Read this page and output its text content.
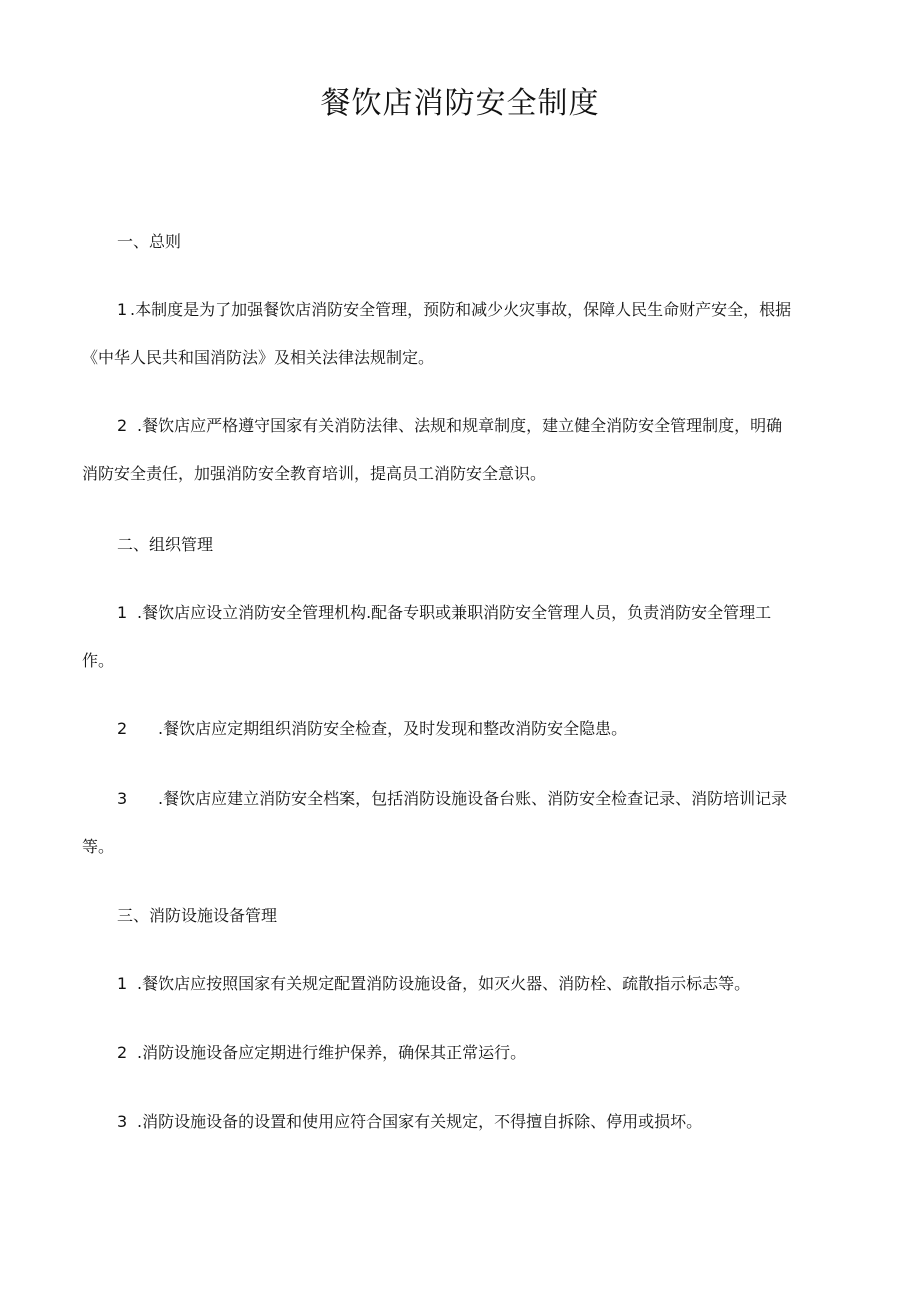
餐饮店消防安全制度
一、总则
1 .本制度是为了加强餐饮店消防安全管理，预防和减少火灾事故，保障人民生命财产安全，根据
《中华人民共和国消防法》及相关法律法规制定。
2 .餐饮店应严格遵守国家有关消防法律、法规和规章制度，建立健全消防安全管理制度，明确
消防安全责任，加强消防安全教育培训，提高员工消防安全意识。
二、组织管理
1 .餐饮店应设立消防安全管理机构.配备专职或兼职消防安全管理人员，负责消防安全管理工
作。
2 .餐饮店应定期组织消防安全检查，及时发现和整改消防安全隐患。
3 .餐饮店应建立消防安全档案，包括消防设施设备台账、消防安全检查记录、消防培训记录
等。
三、消防设施设备管理
1 .餐饮店应按照国家有关规定配置消防设施设备，如灭火器、消防栓、疏散指示标志等。
2 .消防设施设备应定期进行维护保养，确保其正常运行。
3 .消防设施设备的设置和使用应符合国家有关规定，不得擅自拆除、停用或损坏。
